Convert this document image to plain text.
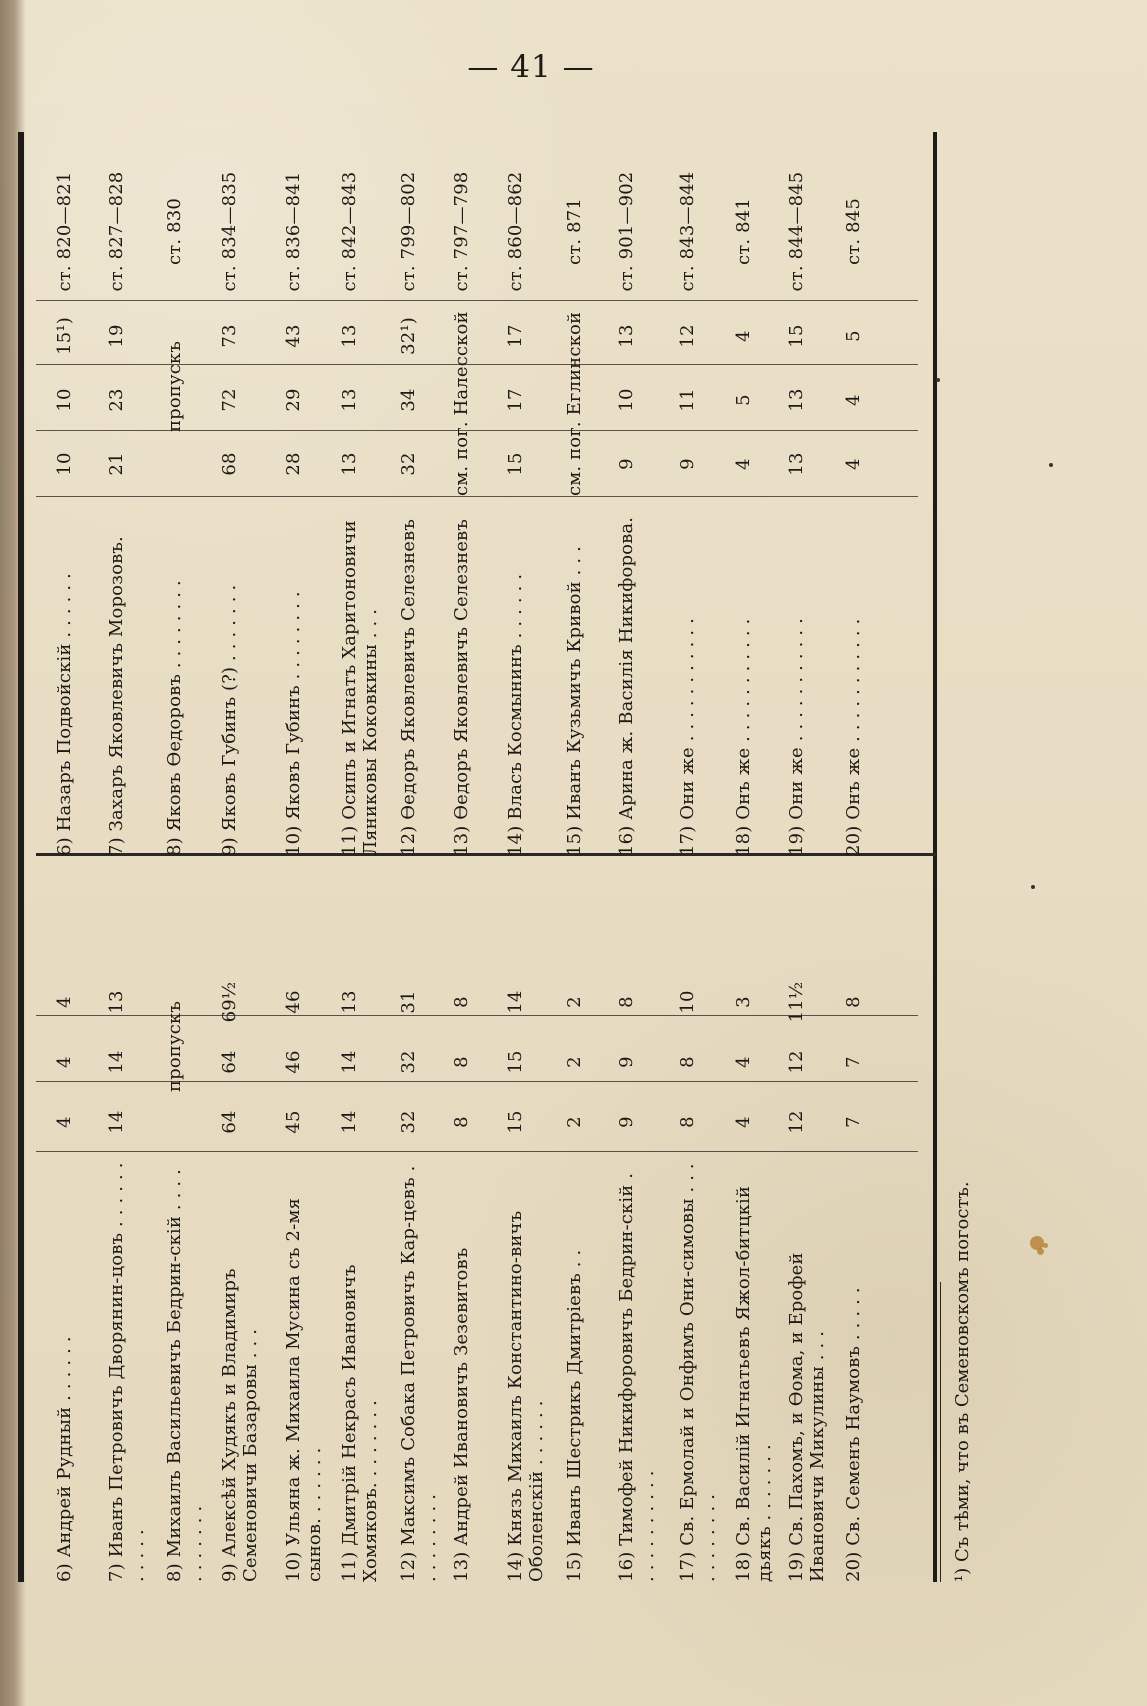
— 41 —
6) Андрей Рудный . . . . . .
4
4
4
7) Иванъ Петровичъ Дворянин-цовъ . . . . . . . . . . .
14
14
13
8) Михаилъ Васильевичъ Бедрин-скій . . . . . . . . . . .
пропускъ
9) Алексѣй Худякъ и Владимиръ Семеновичи Базаровы . . .
64
64
69½
10) Ульяна ж. Михаила Мусина съ 2-мя сынов. . . . . . .
45
46
46
11) Дмитрій Некрасъ Ивановичъ Хомяковъ. . . . . . . .
14
14
13
12) Максимъ Собака Петровичъ Кар-цевъ . . . . . . . . .
32
32
31
13) Андрей Ивановичъ Зезевитовъ
8
8
8
14) Князь Михаилъ Константино-вичъ Оболенскій . . . . . .
15
15
14
15) Иванъ Шестрикъ Дмитріевъ . .
2
2
2
16) Тимофей Никифоровичъ Бедрин-скій . . . . . . . . . . .
9
9
8
17) Св. Ермолай и Онфимъ Они-симовы . . . . . . . . . . .
8
8
10
18) Св. Василій Игнатьевъ Яжол-битцкій дьякъ . . . . . . .
4
4
3
19) Св. Пахомъ, и Ѳома, и Ерофей Ивановичи Микулины . . .
12
12
11½
20) Св. Семенъ Наумовъ . . . . .
7
7
8
6) Назаръ Подвойскій . . . . . .
10
10
15¹)
ст. 820—821
7) Захаръ Яковлевичъ Морозовъ.
21
23
19
ст. 827—828
8) Яковъ Ѳедоровъ . . . . . . . .
пропускъ
ст. 830
9) Яковъ Губинъ (?) . . . . . . .
68
72
73
ст. 834—835
10) Яковъ Губинъ . . . . . . . .
28
29
43
ст. 836—841
11) Осипъ и Игнатъ Харитоновичи Ляниковы Коковкины . . .
13
13
13
ст. 842—843
12) Ѳедоръ Яковлевичъ Селезневъ
32
34
32¹)
ст. 799—802
13) Ѳедоръ Яковлевичъ Селезневъ
см. пог. Налесской
ст. 797—798
14) Власъ Космынинъ . . . . . .
15
17
17
ст. 860—862
15) Иванъ Кузьмичъ Кривой . . .
см. пог. Еглинской
ст. 871
16) Арина ж. Василія Никифорова.
9
10
13
ст. 901—902
17) Они же . . . . . . . . . . .
9
11
12
ст. 843—844
18) Онъ же . . . . . . . . . . .
4
5
4
ст. 841
19) Они же . . . . . . . . . . .
13
13
15
ст. 844—845
20) Онъ же . . . . . . . . . . .
4
4
5
ст. 845
¹) Съ тѣми, что въ Семеновскомъ погостъ.
